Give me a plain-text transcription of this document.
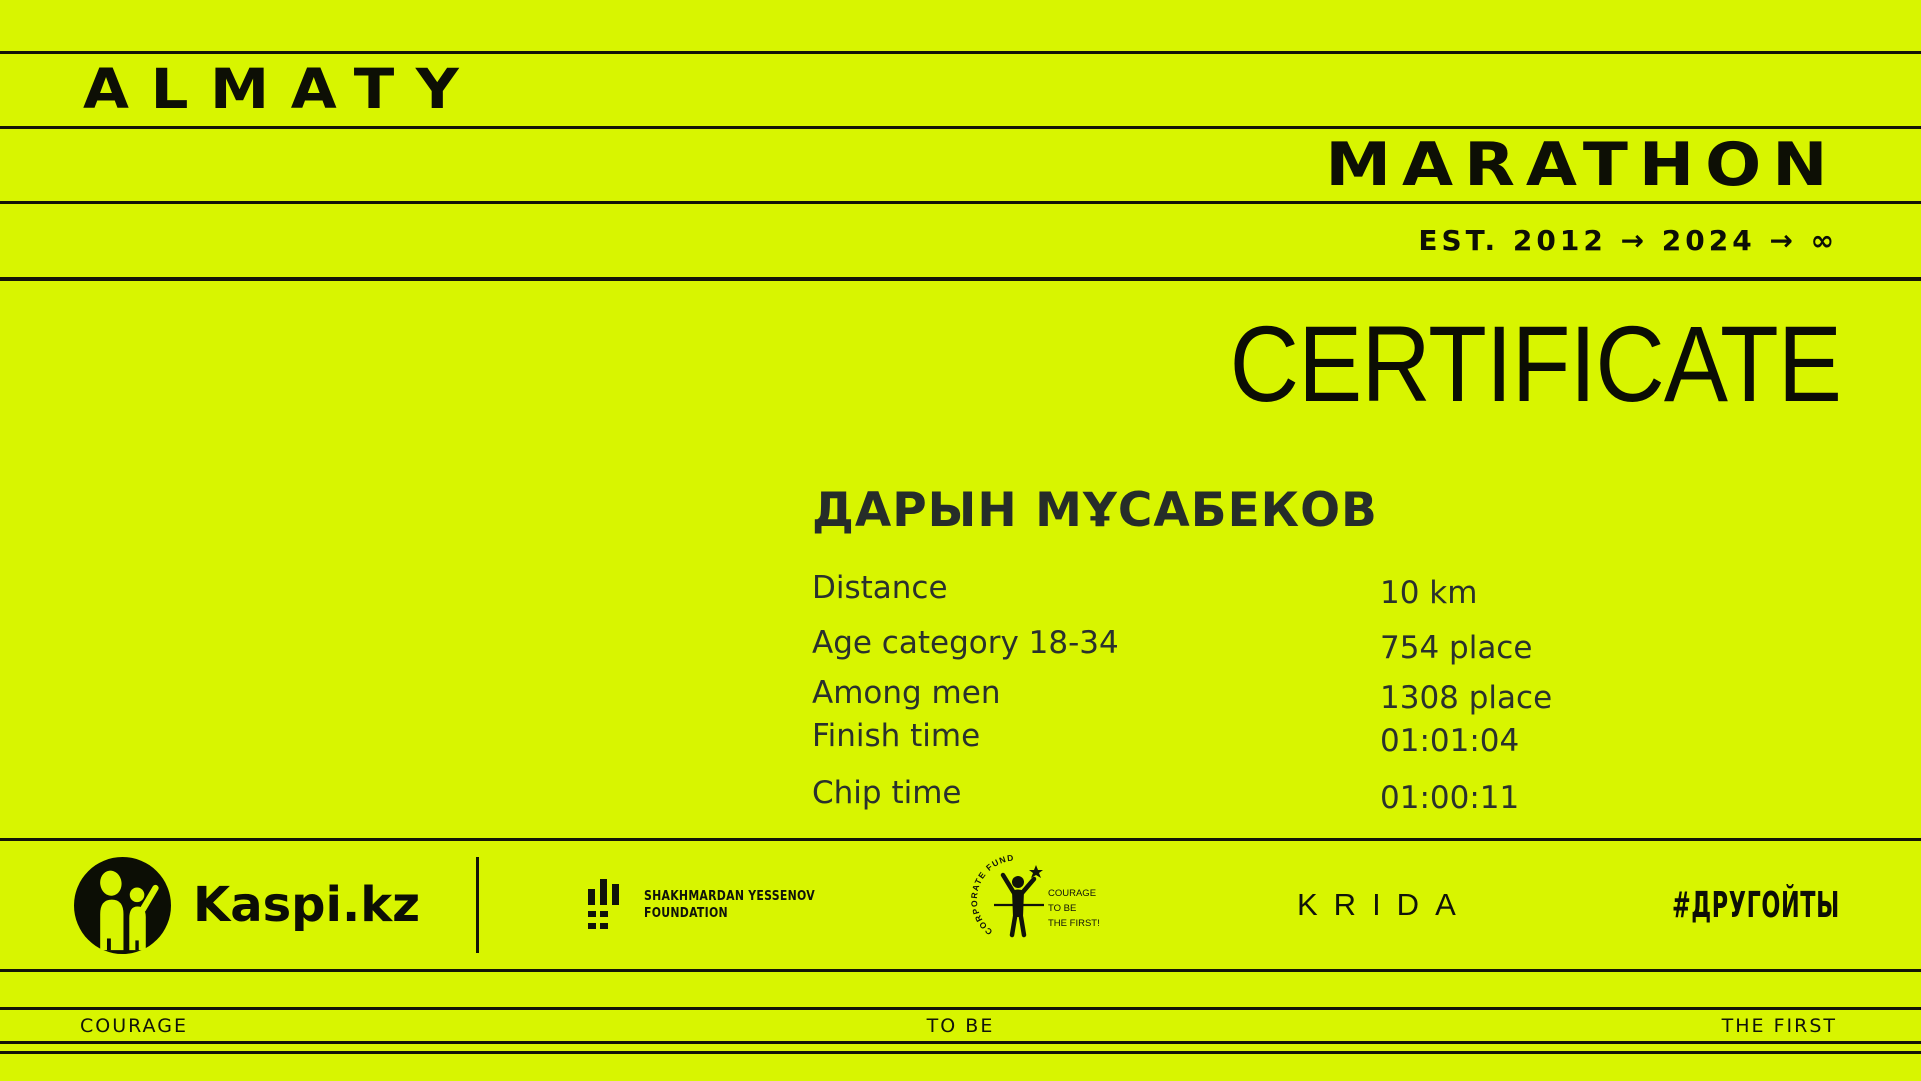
ALMATY
MARATHON
EST. 2012 → 2024 → ∞
CERTIFICATE
ДАРЫН МҰСАБЕКОВ
Distance	10 km
Age category 18-34	754 place
Among men	1308 place
Finish time	01:01:04
Chip time	01:00:11
Kaspi.kz	SHAKHMARDAN YESSENOV
FOUNDATION
CORPORATE FUND
COURAGE TO BE THE FIRST!
KRIDA	#ДРУГОЙТЫ
COURAGE	TO BE	THE FIRST
